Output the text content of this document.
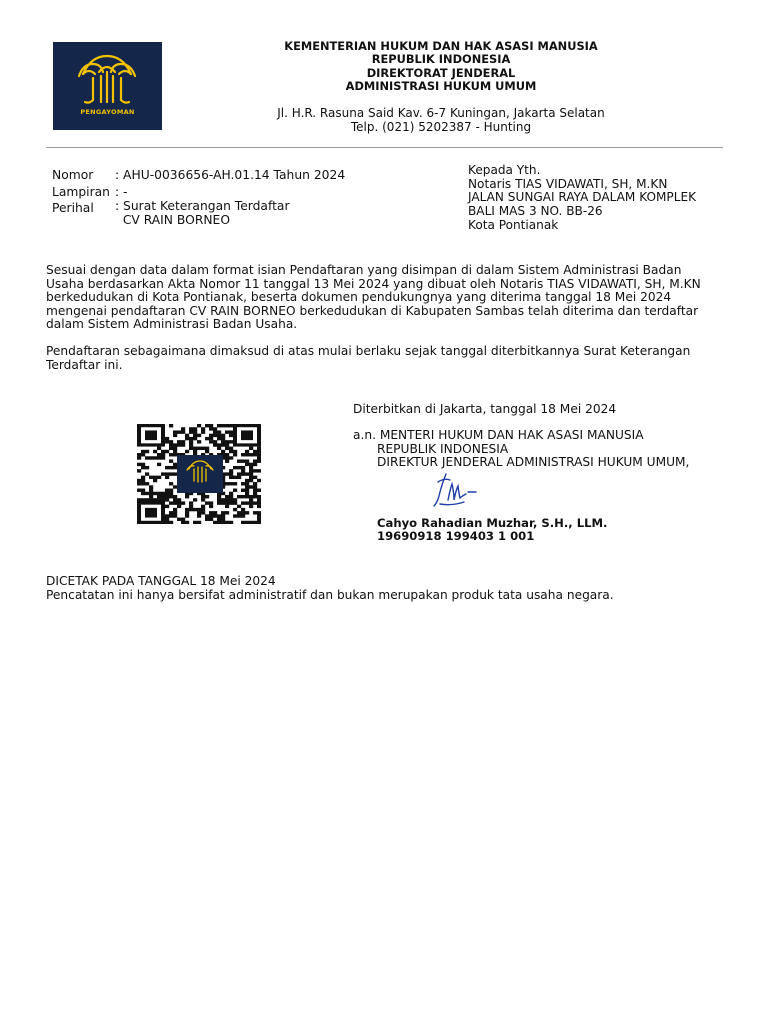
PENGAYOMAN
KEMENTERIAN HUKUM DAN HAK ASASI MANUSIA
REPUBLIK INDONESIA
DIREKTORAT JENDERAL
ADMINISTRASI HUKUM UMUM
Jl. H.R. Rasuna Said Kav. 6-7 Kuningan, Jakarta Selatan
Telp. (021) 5202387 - Hunting
Nomor	: AHU-0036656-AH.01.14 Tahun 2024
Lampiran : -
Perihal	: Surat Keterangan Terdaftar
CV RAIN BORNEO
Kepada Yth.
Notaris TIAS VIDAWATI, SH, M.KN
JALAN SUNGAI RAYA DALAM KOMPLEK
BALI MAS 3 NO. BB-26
Kota Pontianak

Sesuai dengan data dalam format isian Pendaftaran yang disimpan di dalam Sistem Administrasi Badan
Usaha berdasarkan Akta Nomor 11 tanggal 13 Mei 2024 yang dibuat oleh Notaris TIAS VIDAWATI, SH, M.KN
berkedudukan di Kota Pontianak, beserta dokumen pendukungnya yang diterima tanggal 18 Mei 2024
mengenai pendaftaran CV RAIN BORNEO berkedudukan di Kabupaten Sambas telah diterima dan terdaftar
dalam Sistem Administrasi Badan Usaha.

Pendaftaran sebagaimana dimaksud di atas mulai berlaku sejak tanggal diterbitkannya Surat Keterangan
Terdaftar ini.

Diterbitkan di Jakarta, tanggal 18 Mei 2024
a.n. MENTERI HUKUM DAN HAK ASASI MANUSIA
REPUBLIK INDONESIA
DIREKTUR JENDERAL ADMINISTRASI HUKUM UMUM,
Cahyo Rahadian Muzhar, S.H., LLM.
19690918 199403 1 001
DICETAK PADA TANGGAL 18 Mei 2024
Pencatatan ini hanya bersifat administratif dan bukan merupakan produk tata usaha negara.
